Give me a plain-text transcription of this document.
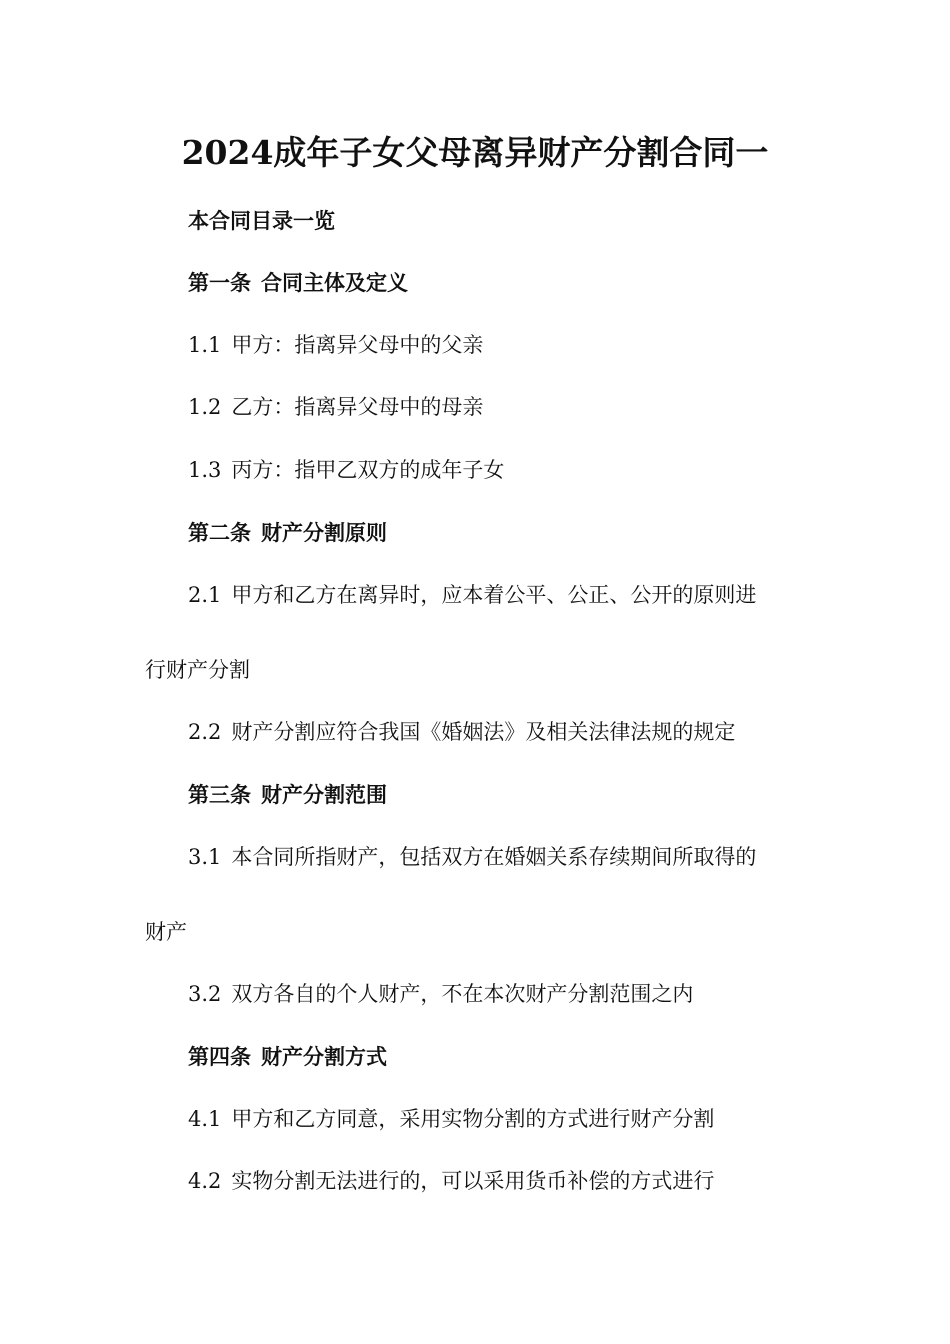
2024成年子女父母离异财产分割合同一
本合同目录一览
第一条 合同主体及定义
1.1 甲方：指离异父母中的父亲
1.2 乙方：指离异父母中的母亲
1.3 丙方：指甲乙双方的成年子女
第二条 财产分割原则
2.1 甲方和乙方在离异时，应本着公平、公正、公开的原则进
行财产分割
2.2 财产分割应符合我国《婚姻法》及相关法律法规的规定
第三条 财产分割范围
3.1 本合同所指财产，包括双方在婚姻关系存续期间所取得的
财产
3.2 双方各自的个人财产，不在本次财产分割范围之内
第四条 财产分割方式
4.1 甲方和乙方同意，采用实物分割的方式进行财产分割
4.2 实物分割无法进行的，可以采用货币补偿的方式进行
